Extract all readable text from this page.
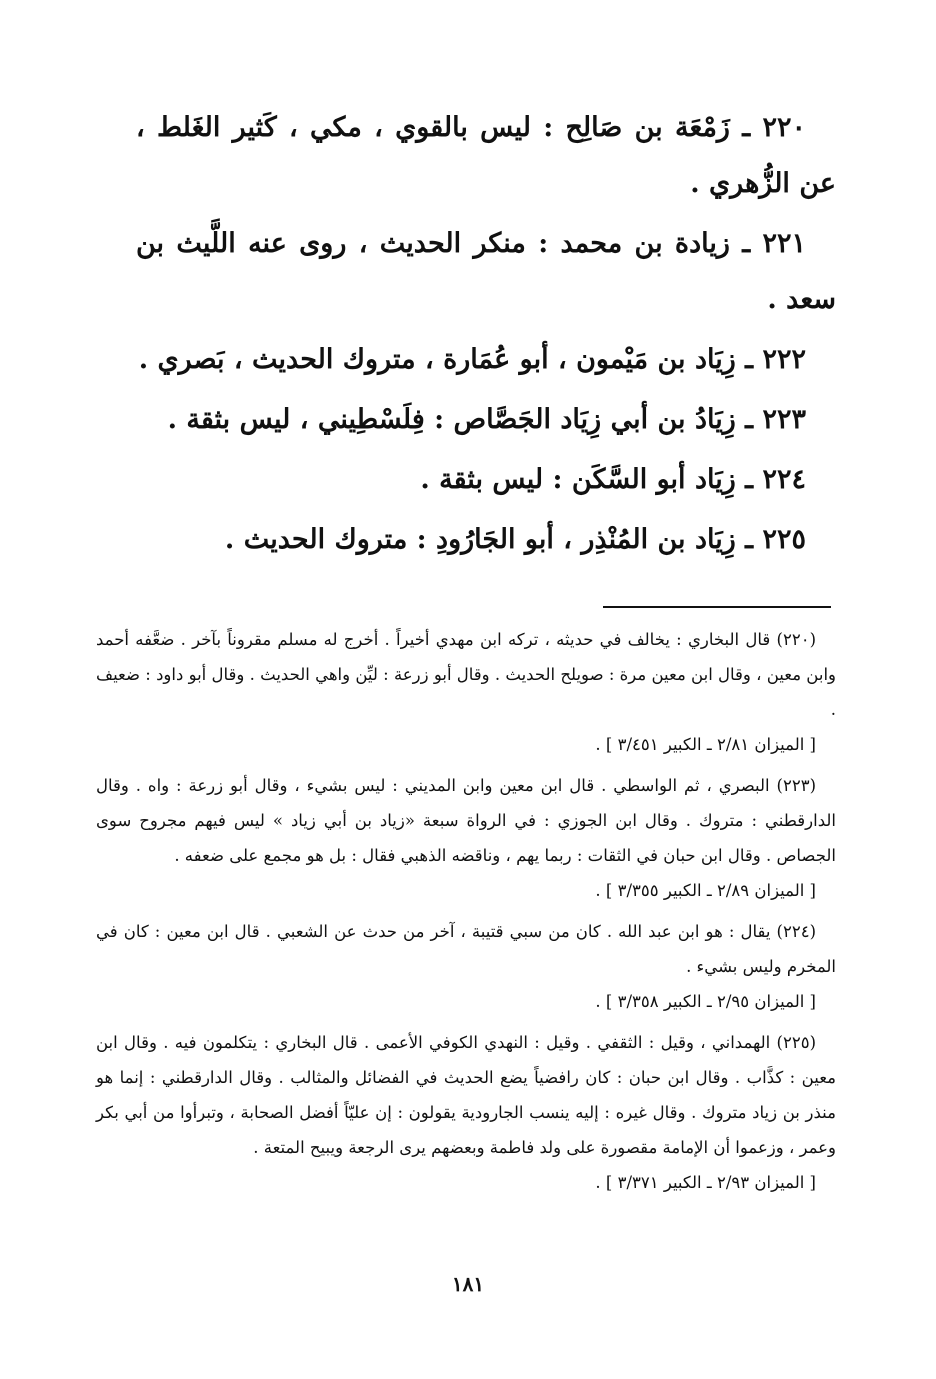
٢٢٠ ـ زَمْعَة بن صَالِح : ليس بالقوي ، مكي ، كَثير الغَلط ، عن الزُّهري .

٢٢١ ـ زيادة بن محمد : منكر الحديث ، روى عنه اللَّيث بن سعد .

٢٢٢ ـ زِيَاد بن مَيْمون ، أبو عُمَارة ، متروك الحديث ، بَصري .

٢٢٣ ـ زِيَادُ بن أبي زِيَاد الجَصَّاص : فِلَسْطِيني ، ليس بثقة .

٢٢٤ ـ زِيَاد أبو السَّكَن : ليس بثقة .

٢٢٥ ـ زِيَاد بن المُنْذِر ، أبو الجَارُودِ : متروك الحديث .

(٢٢٠) قال البخاري : يخالف في حديثه ، تركه ابن مهدي أخيراً . أخرج له مسلم مقروناً بآخر . ضعَّفه أحمد وابن معين ، وقال ابن معين مرة : صويلح الحديث . وقال أبو زرعة : ليِّن واهي الحديث . وقال أبو داود : ضعيف .
[ الميزان ٢/٨١ ـ الكبير ٣/٤٥١ ] .

(٢٢٣) البصري ، ثم الواسطي . قال ابن معين وابن المديني : ليس بشيء ، وقال أبو زرعة : واه . وقال الدارقطني : متروك . وقال ابن الجوزي : في الرواة سبعة «زياد بن أبي زياد » ليس فيهم مجروح سوى الجصاص . وقال ابن حبان في الثقات : ربما يهم ، وناقضه الذهبي فقال : بل هو مجمع على ضعفه .
[ الميزان ٢/٨٩ ـ الكبير ٣/٣٥٥ ] .

(٢٢٤) يقال : هو ابن عبد الله . كان من سبي قتيبة ، آخر من حدث عن الشعبي . قال ابن معين : كان في المخرم وليس بشيء .
[ الميزان ٢/٩٥ ـ الكبير ٣/٣٥٨ ] .

(٢٢٥) الهمداني ، وقيل : الثقفي . وقيل : النهدي الكوفي الأعمى . قال البخاري : يتكلمون فيه . وقال ابن معين : كذَّاب . وقال ابن حبان : كان رافضياً يضع الحديث في الفضائل والمثالب . وقال الدارقطني : إنما هو منذر بن زياد متروك . وقال غيره : إليه ينسب الجارودية يقولون : إن عليّاً أفضل الصحابة ، وتبرأوا من أبي بكر وعمر ، وزعموا أن الإمامة مقصورة على ولد فاطمة وبعضهم يرى الرجعة ويبيح المتعة .
[ الميزان ٢/٩٣ ـ الكبير ٣/٣٧١ ] .

١٨١
